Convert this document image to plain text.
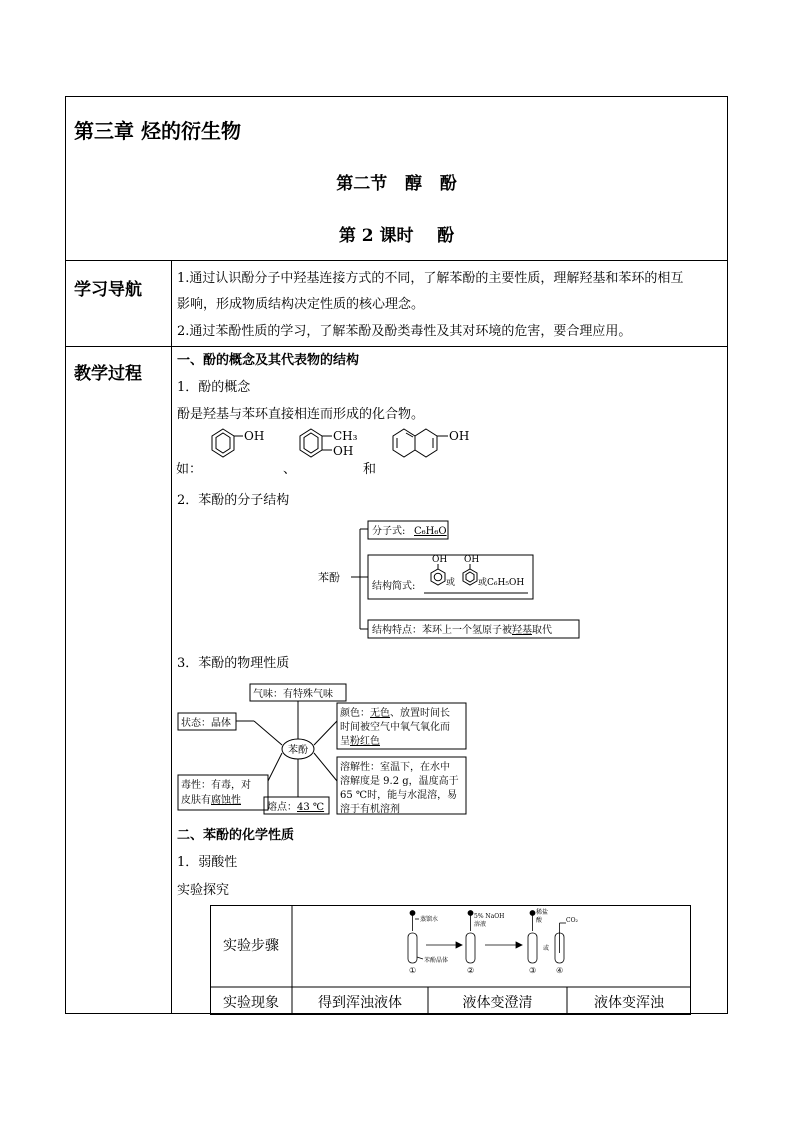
第三章 烃的衍生物
第二节   醇   酚
第 2 课时    酚
学习导航
1.通过认识酚分子中羟基连接方式的不同，了解苯酚的主要性质，理解羟基和苯环的相互
影响，形成物质结构决定性质的核心理念。
2.通过苯酚性质的学习，了解苯酚及酚类毒性及其对环境的危害，要合理应用。
教学过程
一、酚的概念及其代表物的结构
1．酚的概念
酚是羟基与苯环直接相连而形成的化合物。
如：
OH
、
CH₃
OH
和
OH
2．苯酚的分子结构
苯酚
分子式: C₆H₆O
结构简式:
OH
或
OH
或C₆H₅OH
结构特点：苯环上一个氢原子被羟基取代
3．苯酚的物理性质
苯酚
气味：有特殊气味
状态：晶体
颜色：无色、放置时间长
时间被空气中氧气氧化而
呈粉红色
毒性：有毒，对
皮肤有腐蚀性
熔点：43 ℃
溶解性：室温下，在水中
溶解度是 9.2 g，温度高于
65 ℃时，能与水混溶，易
溶于有机溶剂
二、苯酚的化学性质
1．弱酸性
实验探究
蒸馏水	5% NaOH
溶液
稀盐
酸
或
CO₂
苯酚晶体
①	②	③ ④
实验步骤
实验现象	得到浑浊液体	液体变澄清	液体变浑浊
